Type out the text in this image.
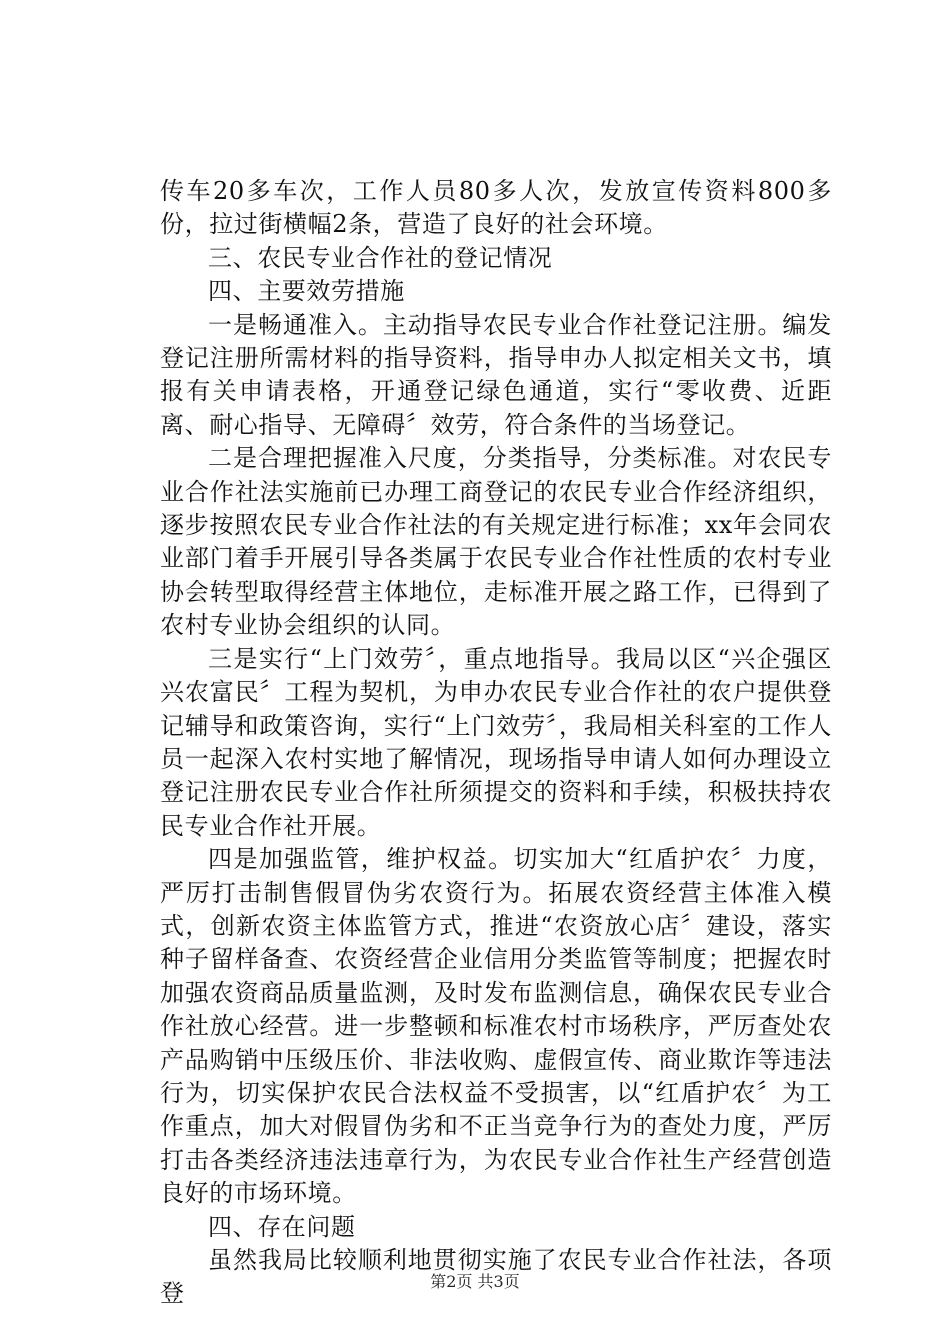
传车20多车次，工作人员80多人次，发放宣传资料800多份，拉过街横幅2条，营造了良好的社会环境。

三、农民专业合作社的登记情况

四、主要效劳措施

一是畅通准入。主动指导农民专业合作社登记注册。编发登记注册所需材料的指导资料，指导申办人拟定相关文书，填报有关申请表格，开通登记绿色通道，实行“零收费、近距离、耐心指导、无障碍〞效劳，符合条件的当场登记。

二是合理把握准入尺度，分类指导，分类标准。对农民专业合作社法实施前已办理工商登记的农民专业合作经济组织，逐步按照农民专业合作社法的有关规定进行标准；xx年会同农业部门着手开展引导各类属于农民专业合作社性质的农村专业协会转型取得经营主体地位，走标准开展之路工作，已得到了农村专业协会组织的认同。

三是实行“上门效劳〞，重点地指导。我局以区“兴企强区兴农富民〞工程为契机，为申办农民专业合作社的农户提供登记辅导和政策咨询，实行“上门效劳〞，我局相关科室的工作人员一起深入农村实地了解情况，现场指导申请人如何办理设立登记注册农民专业合作社所须提交的资料和手续，积极扶持农民专业合作社开展。

四是加强监管，维护权益。切实加大“红盾护农〞力度，严厉打击制售假冒伪劣农资行为。拓展农资经营主体准入模式，创新农资主体监管方式，推进“农资放心店〞建设，落实种子留样备查、农资经营企业信用分类监管等制度；把握农时加强农资商品质量监测，及时发布监测信息，确保农民专业合作社放心经营。进一步整顿和标准农村市场秩序，严厉查处农产品购销中压级压价、非法收购、虚假宣传、商业欺诈等违法行为，切实保护农民合法权益不受损害，以“红盾护农〞为工作重点，加大对假冒伪劣和不正当竞争行为的查处力度，严厉打击各类经济违法违章行为，为农民专业合作社生产经营创造良好的市场环境。

四、存在问题

虽然我局比较顺利地贯彻实施了农民专业合作社法，各项登	第2页 共3页
